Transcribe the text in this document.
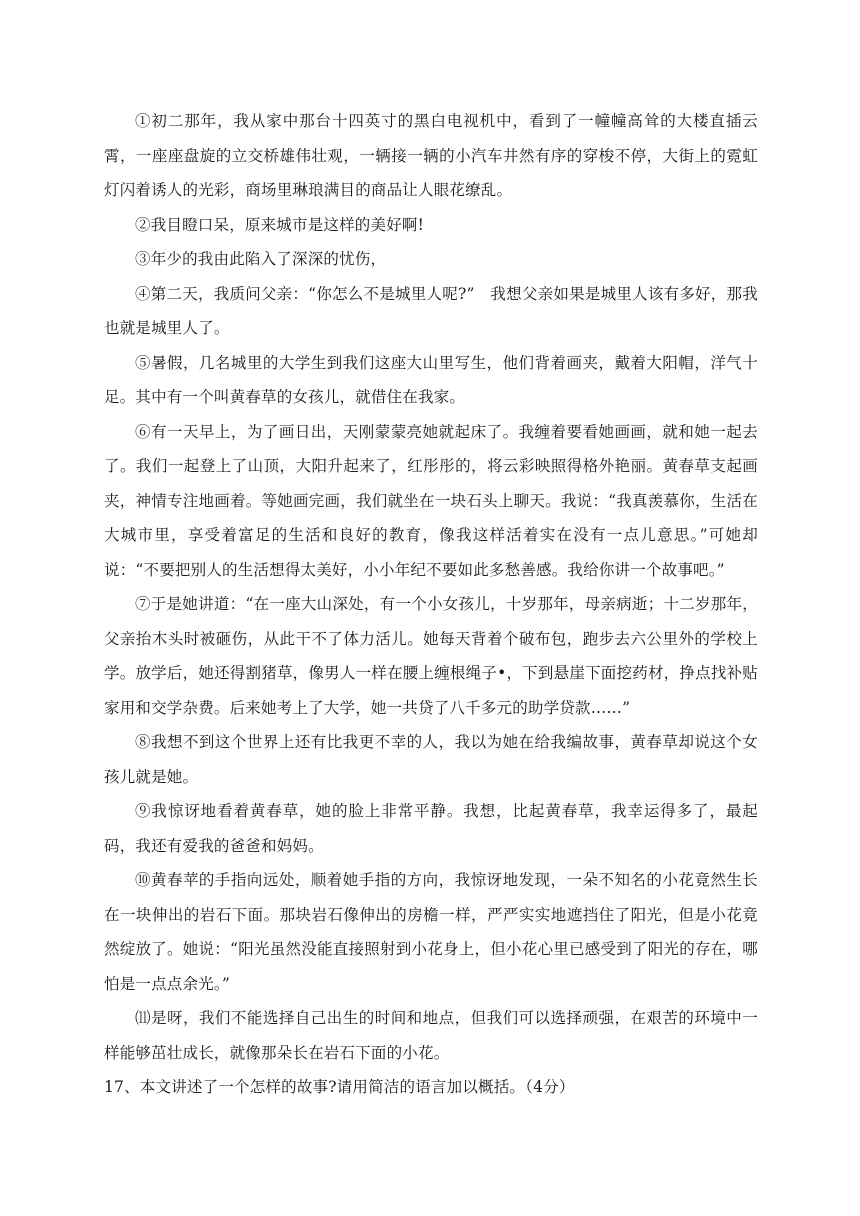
①初二那年，我从家中那台十四英寸的黑白电视机中，看到了一幢幢高耸的大楼直插云霄，一座座盘旋的立交桥雄伟壮观，一辆接一辆的小汽车井然有序的穿梭不停，大街上的霓虹灯闪着诱人的光彩，商场里琳琅满目的商品让人眼花缭乱。

②我目瞪口呆，原来城市是这样的美好啊!

③年少的我由此陷入了深深的忧伤，

④第二天，我质问父亲：“你怎么不是城里人呢?”　我想父亲如果是城里人该有多好，那我也就是城里人了。

⑤暑假，几名城里的大学生到我们这座大山里写生，他们背着画夹，戴着大阳帽，洋气十足。其中有一个叫黄春草的女孩儿，就借住在我家。

⑥有一天早上，为了画日出，天刚蒙蒙亮她就起床了。我缠着要看她画画，就和她一起去了。我们一起登上了山顶，大阳升起来了，红彤彤的，将云彩映照得格外艳丽。黄春草支起画夹，神情专注地画着。等她画完画，我们就坐在一块石头上聊天。我说：“我真羡慕你，生活在大城市里，享受着富足的生活和良好的教育，像我这样活着实在没有一点儿意思。”可她却说：“不要把别人的生活想得太美好，小小年纪不要如此多愁善感。我给你讲一个故事吧。”

⑦于是她讲道：“在一座大山深处，有一个小女孩儿，十岁那年，母亲病逝；十二岁那年，父亲抬木头时被砸伤，从此干不了体力活儿。她每天背着个破布包，跑步去六公里外的学校上学。放学后，她还得割猪草，像男人一样在腰上缠根绳子•，下到悬崖下面挖药材，挣点找补贴家用和交学杂费。后来她考上了大学，她一共贷了八千多元的助学贷款……”

⑧我想不到这个世界上还有比我更不幸的人，我以为她在给我编故事，黄春草却说这个女孩儿就是她。

⑨我惊讶地看着黄春草，她的脸上非常平静。我想，比起黄春草，我幸运得多了，最起码，我还有爱我的爸爸和妈妈。

⑩黄春苹的手指向远处，顺着她手指的方向，我惊讶地发现，一朵不知名的小花竟然生长在一块伸出的岩石下面。那块岩石像伸出的房檐一样，严严实实地遮挡住了阳光，但是小花竟然绽放了。她说：“阳光虽然没能直接照射到小花身上，但小花心里已感受到了阳光的存在，哪怕是一点点余光。”

⑾是呀，我们不能选择自己出生的时间和地点，但我们可以选择顽强，在艰苦的环境中一样能够茁壮成长，就像那朵长在岩石下面的小花。

17、本文讲述了一个怎样的故事?请用简洁的语言加以概括。（4分）
